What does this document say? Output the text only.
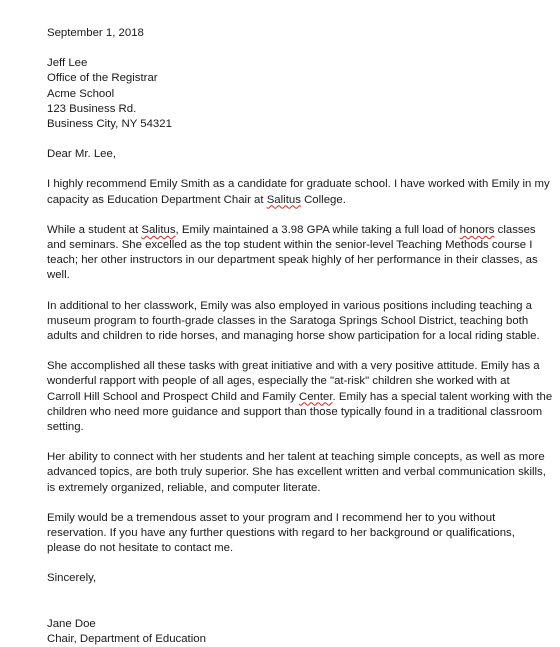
September 1, 2018
Jeff Lee
Office of the Registrar
Acme School
123 Business Rd.
Business City, NY 54321
Dear Mr. Lee,
I highly recommend Emily Smith as a candidate for graduate school. I have worked with Emily in my
capacity as Education Department Chair at Salitus College.
While a student at Salitus, Emily maintained a 3.98 GPA while taking a full load of honors classes
and seminars. She excelled as the top student within the senior-level Teaching Methods course I
teach; her other instructors in our department speak highly of her performance in their classes, as
well.
In additional to her classwork, Emily was also employed in various positions including teaching a
museum program to fourth-grade classes in the Saratoga Springs School District, teaching both
adults and children to ride horses, and managing horse show participation for a local riding stable.
She accomplished all these tasks with great initiative and with a very positive attitude. Emily has a
wonderful rapport with people of all ages, especially the "at-risk" children she worked with at
Carroll Hill School and Prospect Child and Family Center. Emily has a special talent working with the
children who need more guidance and support than those typically found in a traditional classroom
setting.
Her ability to connect with her students and her talent at teaching simple concepts, as well as more
advanced topics, are both truly superior. She has excellent written and verbal communication skills,
is extremely organized, reliable, and computer literate.
Emily would be a tremendous asset to your program and I recommend her to you without
reservation. If you have any further questions with regard to her background or qualifications,
please do not hesitate to contact me.
Sincerely,
Jane Doe
Chair, Department of Education
